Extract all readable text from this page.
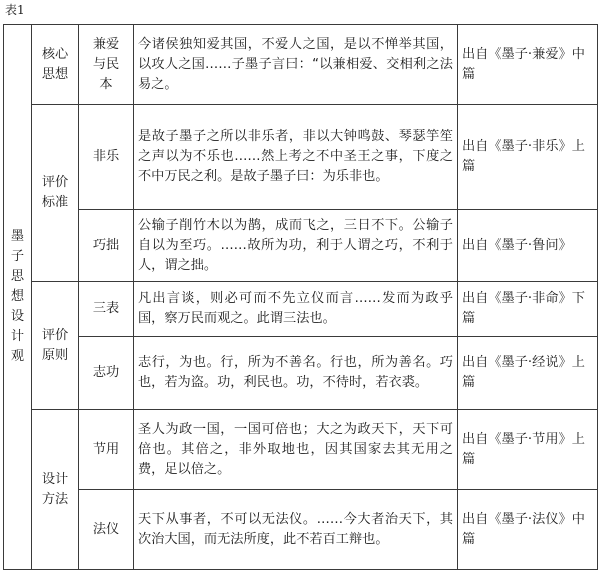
表1
墨子思想设计观	核心思想	兼爱与民本	今诸侯独知爱其国，不爱人之国，是以不惮举其国，以攻人之国……子墨子言曰：“以兼相爱、交相利之法易之。	出自《墨子·兼爱》中篇
	评价标准	非乐	是故子墨子之所以非乐者，非以大钟鸣鼓、琴瑟竽笙之声以为不乐也……然上考之不中圣王之事，下度之不中万民之利。是故子墨子曰：为乐非也。	出自《墨子·非乐》上篇
		巧拙	公输子削竹木以为鹊，成而飞之，三日不下。公输子自以为至巧。……故所为功，利于人谓之巧，不利于人，谓之拙。	出自《墨子·鲁问》
	评价原则	三表	凡出言谈，则必可而不先立仪而言……发而为政乎国，察万民而观之。此谓三法也。	出自《墨子·非命》下篇
		志功	志行，为也。行，所为不善名。行也，所为善名。巧也，若为盗。功，利民也。功，不待时，若衣裘。	出自《墨子·经说》上篇
	设计方法	节用	圣人为政一国，一国可倍也；大之为政天下，天下可倍也。其倍之，非外取地也，因其国家去其无用之费，足以倍之。	出自《墨子·节用》上篇
		法仪	天下从事者，不可以无法仪。……今大者治天下，其次治大国，而无法所度，此不若百工辩也。	出自《墨子·法仪》中篇
